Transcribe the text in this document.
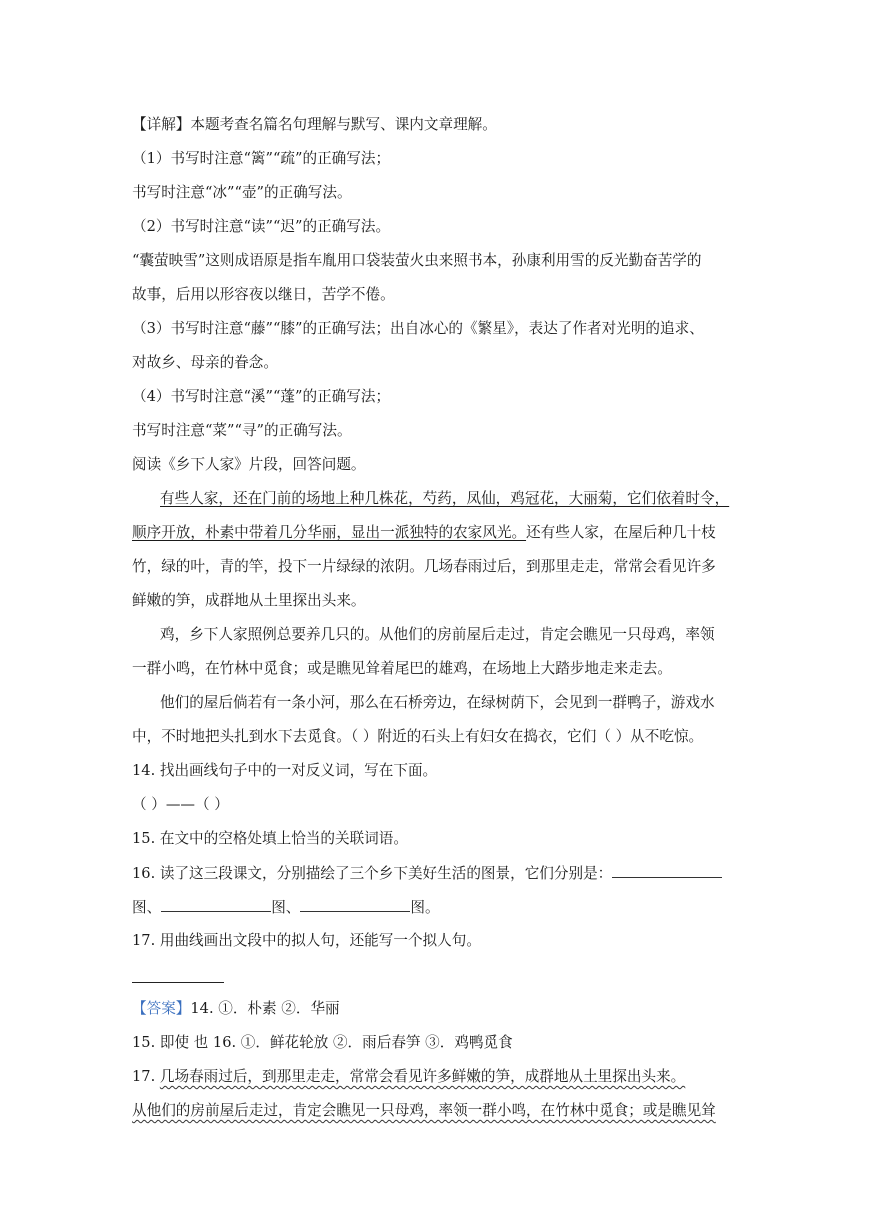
【详解】本题考查名篇名句理解与默写、课内文章理解。
（1）书写时注意“篱”“疏”的正确写法；
书写时注意“冰”“壶”的正确写法。
（2）书写时注意“读”“迟”的正确写法。
“囊萤映雪”这则成语原是指车胤用口袋装萤火虫来照书本，孙康利用雪的反光勤奋苦学的
故事，后用以形容夜以继日，苦学不倦。
（3）书写时注意“藤”“膝”的正确写法；出自冰心的《繁星》，表达了作者对光明的追求、
对故乡、母亲的眷念。
（4）书写时注意“溪”“蓬”的正确写法；
书写时注意“菜”“寻”的正确写法。
阅读《乡下人家》片段，回答问题。
有些人家，还在门前的场地上种几株花，芍药，凤仙，鸡冠花，大丽菊，它们依着时令，
顺序开放，朴素中带着几分华丽，显出一派独特的农家风光。还有些人家，在屋后种几十枝
竹，绿的叶，青的竿，投下一片绿绿的浓阴。几场春雨过后，到那里走走，常常会看见许多
鲜嫩的笋，成群地从土里探出头来。
鸡，乡下人家照例总要养几只的。从他们的房前屋后走过，肯定会瞧见一只母鸡，率领
一群小鸣，在竹林中觅食；或是瞧见耸着尾巴的雄鸡，在场地上大踏步地走来走去。
他们的屋后倘若有一条小河，那么在石桥旁边，在绿树荫下，会见到一群鸭子，游戏水
中，不时地把头扎到水下去觅食。（ ）附近的石头上有妇女在捣衣，它们（ ）从不吃惊。
14. 找出画线句子中的一对反义词，写在下面。
（ ）——（ ）
15. 在文中的空格处填上恰当的关联词语。
16. 读了这三段课文，分别描绘了三个乡下美好生活的图景，它们分别是：
图、	图、	图。
17. 用曲线画出文段中的拟人句，还能写一个拟人句。
【答案】14. ①．朴素 ②．华丽
15. 即使 也 16. ①．鲜花轮放 ②．雨后春笋 ③．鸡鸭觅食
17. 几场春雨过后，到那里走走，常常会看见许多鲜嫩的笋，成群地从土里探出头来。
从他们的房前屋后走过，肯定会瞧见一只母鸡，率领一群小鸣，在竹林中觅食；或是瞧见耸
